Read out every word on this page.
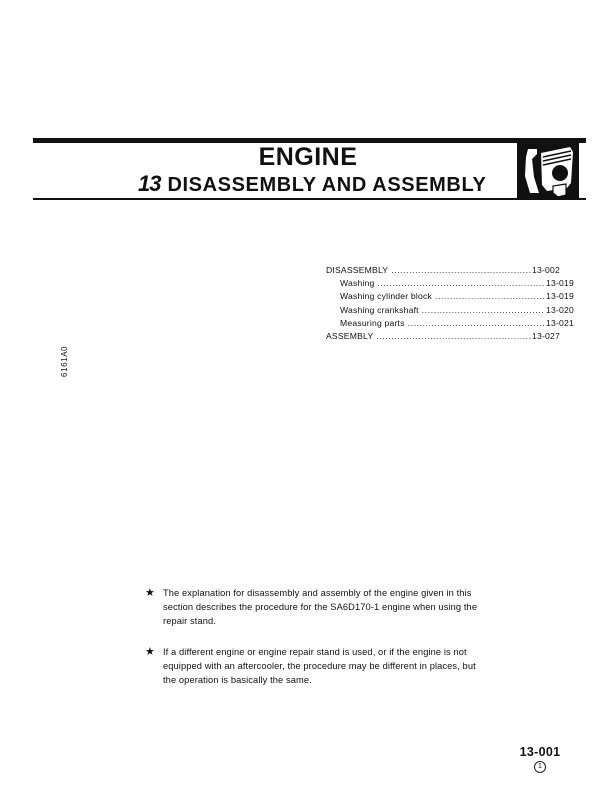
ENGINE
13 DISASSEMBLY AND ASSEMBLY
DISASSEMBLY .....	13-002
Washing .....	13-019
Washing cylinder block .....	13-019
Washing crankshaft .....	13-020
Measuring parts .....	13-021
ASSEMBLY .....	13-027
6161A0
★ The explanation for disassembly and assembly of the engine given in this
section describes the procedure for the SA6D170-1 engine when using the
repair stand.
★ If a different engine or engine repair stand is used, or if the engine is not
equipped with an aftercooler, the procedure may be different in places, but
the operation is basically the same.
13-001
1
